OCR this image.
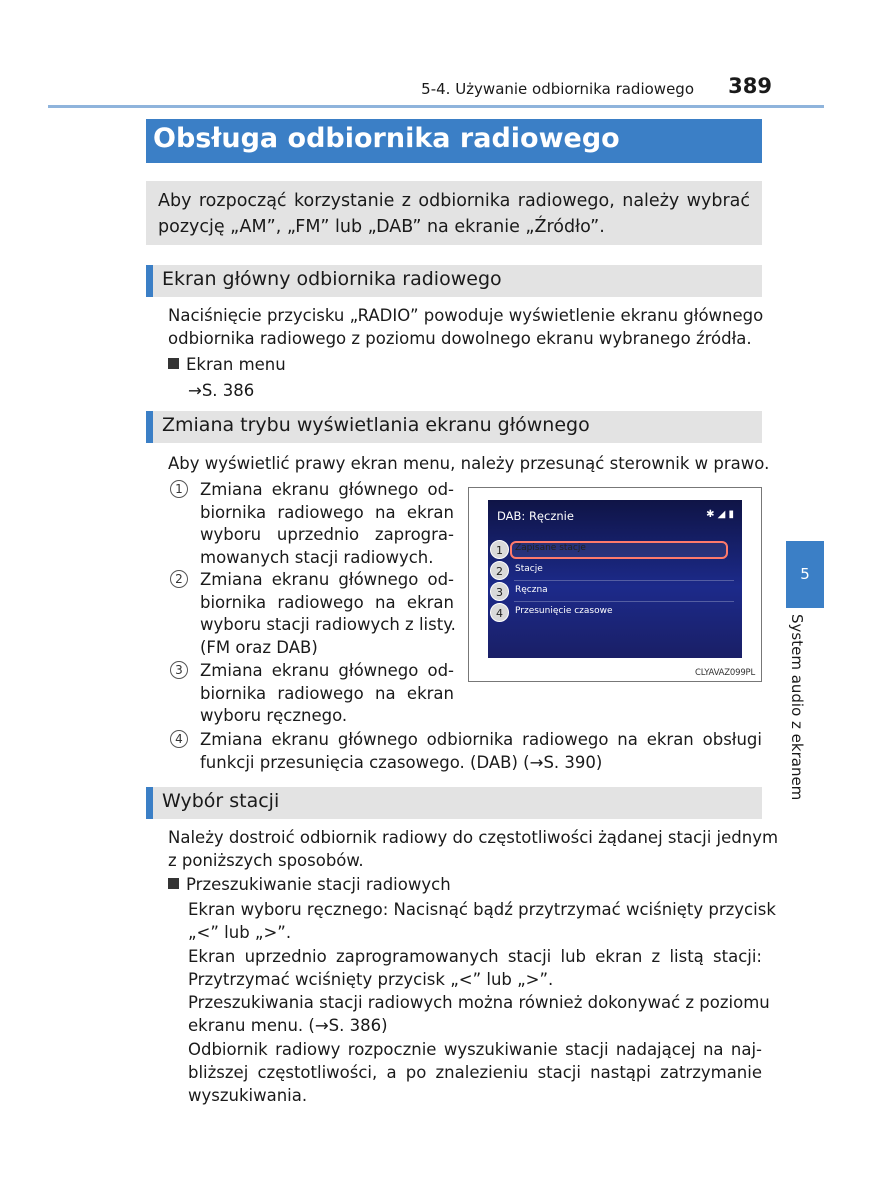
5-4. Używanie odbiornika radiowego 389
Obsługa odbiornika radiowego
Aby rozpocząć korzystanie z odbiornika radiowego, należy wybrać
pozycję „AM”, „FM” lub „DAB” na ekranie „Źródło”.
Ekran główny odbiornika radiowego
Naciśnięcie przycisku „RADIO” powoduje wyświetlenie ekranu głównego
odbiornika radiowego z poziomu dowolnego ekranu wybranego źródła.
Ekran menu
→S. 386
Zmiana trybu wyświetlania ekranu głównego
Aby wyświetlić prawy ekran menu, należy przesunąć sterownik w prawo.
1	Zmiana ekranu głównego od-
biornika radiowego na ekran
wyboru uprzednio zaprogra-
mowanych stacji radiowych.
2	Zmiana ekranu głównego od-
biornika radiowego na ekran
wyboru stacji radiowych z listy.
(FM oraz DAB)
3	Zmiana ekranu głównego od-
biornika radiowego na ekran
wyboru ręcznego.
4	Zmiana ekranu głównego odbiornika radiowego na ekran obsługi
funkcji przesunięcia czasowego. (DAB) (→S. 390)
DAB: Ręcznie	✱ ◢ ▮
1	Zapisane stacje
2	Stacje
3	Ręczna
4	Przesunięcie czasowe
CLYAVAZ099PL
Wybór stacji
Należy dostroić odbiornik radiowy do częstotliwości żądanej stacji jednym
z poniższych sposobów.
Przeszukiwanie stacji radiowych
Ekran wyboru ręcznego: Nacisnąć bądź przytrzymać wciśnięty przycisk
„<” lub „>”.
Ekran uprzednio zaprogramowanych stacji lub ekran z listą stacji:
Przytrzymać wciśnięty przycisk „<” lub „>”.
Przeszukiwania stacji radiowych można również dokonywać z poziomu
ekranu menu. (→S. 386)
Odbiornik radiowy rozpocznie wyszukiwanie stacji nadającej na naj-
bliższej częstotliwości, a po znalezieniu stacji nastąpi zatrzymanie
wyszukiwania.
5
System audio z ekranem
